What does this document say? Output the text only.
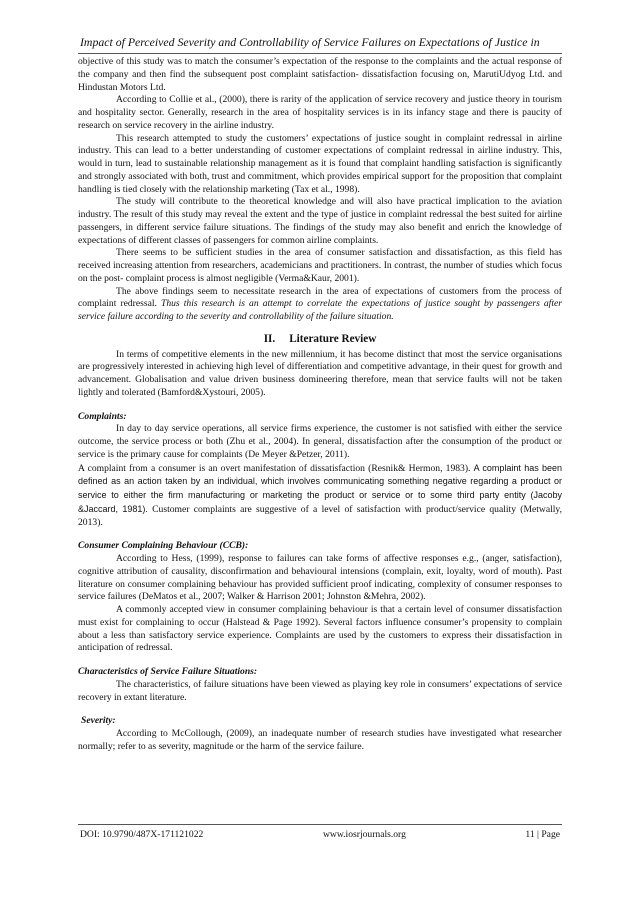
Impact of Perceived Severity and Controllability of Service Failures on Expectations of Justice in

objective of this study was to match the consumer’s expectation of the response to the complaints and the actual response of the company and then find the subsequent post complaint satisfaction- dissatisfaction focusing on, MarutiUdyog Ltd. and Hindustan Motors Ltd.

According to Collie et al., (2000), there is rarity of the application of service recovery and justice theory in tourism and hospitality sector. Generally, research in the area of hospitality services is in its infancy stage and there is paucity of research on service recovery in the airline industry.

This research attempted to study the customers’ expectations of justice sought in complaint redressal in airline industry. This can lead to a better understanding of customer expectations of complaint redressal in airline industry. This, would in turn, lead to sustainable relationship management as it is found that complaint handling satisfaction is significantly and strongly associated with both, trust and commitment, which provides empirical support for the proposition that complaint handling is tied closely with the relationship marketing (Tax et al., 1998).

The study will contribute to the theoretical knowledge and will also have practical implication to the aviation industry. The result of this study may reveal the extent and the type of justice in complaint redressal the best suited for airline passengers, in different service failure situations. The findings of the study may also benefit and enrich the knowledge of expectations of different classes of passengers for common airline complaints.

There seems to be sufficient studies in the area of consumer satisfaction and dissatisfaction, as this field has received increasing attention from researchers, academicians and practitioners. In contrast, the number of studies which focus on the post- complaint process is almost negligible (Verma&Kaur, 2001).

The above findings seem to necessitate research in the area of expectations of customers from the process of complaint redressal. Thus this research is an attempt to correlate the expectations of justice sought by passengers after service failure according to the severity and controllability of the failure situation.

II. Literature Review

In terms of competitive elements in the new millennium, it has become distinct that most the service organisations are progressively interested in achieving high level of differentiation and competitive advantage, in their quest for growth and advancement. Globalisation and value driven business domineering therefore, mean that service faults will not be taken lightly and tolerated (Bamford&Xystouri, 2005).

Complaints:

In day to day service operations, all service firms experience, the customer is not satisfied with either the service outcome, the service process or both (Zhu et al., 2004). In general, dissatisfaction after the consumption of the product or service is the primary cause for complaints (De Meyer &Petzer, 2011).

A complaint from a consumer is an overt manifestation of dissatisfaction (Resnik& Hermon, 1983). A complaint has been defined as an action taken by an individual, which involves communicating something negative regarding a product or service to either the firm manufacturing or marketing the product or service or to some third party entity (Jacoby &Jaccard, 1981). Customer complaints are suggestive of a level of satisfaction with product/service quality (Metwally, 2013).

Consumer Complaining Behaviour (CCB):

According to Hess, (1999), response to failures can take forms of affective responses e.g., (anger, satisfaction), cognitive attribution of causality, disconfirmation and behavioural intensions (complain, exit, loyalty, word of mouth). Past literature on consumer complaining behaviour has provided sufficient proof indicating, complexity of consumer responses to service failures (DeMatos et al., 2007; Walker & Harrison 2001; Johnston &Mehra, 2002).

A commonly accepted view in consumer complaining behaviour is that a certain level of consumer dissatisfaction must exist for complaining to occur (Halstead & Page 1992). Several factors influence consumer’s propensity to complain about a less than satisfactory service experience. Complaints are used by the customers to express their dissatisfaction in anticipation of redressal.

Characteristics of Service Failure Situations:

The characteristics, of failure situations have been viewed as playing key role in consumers’ expectations of service recovery in extant literature.

Severity:

According to McCollough, (2009), an inadequate number of research studies have investigated what researcher normally; refer to as severity, magnitude or the harm of the service failure.

DOI: 10.9790/487X-171121022	www.iosrjournals.org	11 | Page
